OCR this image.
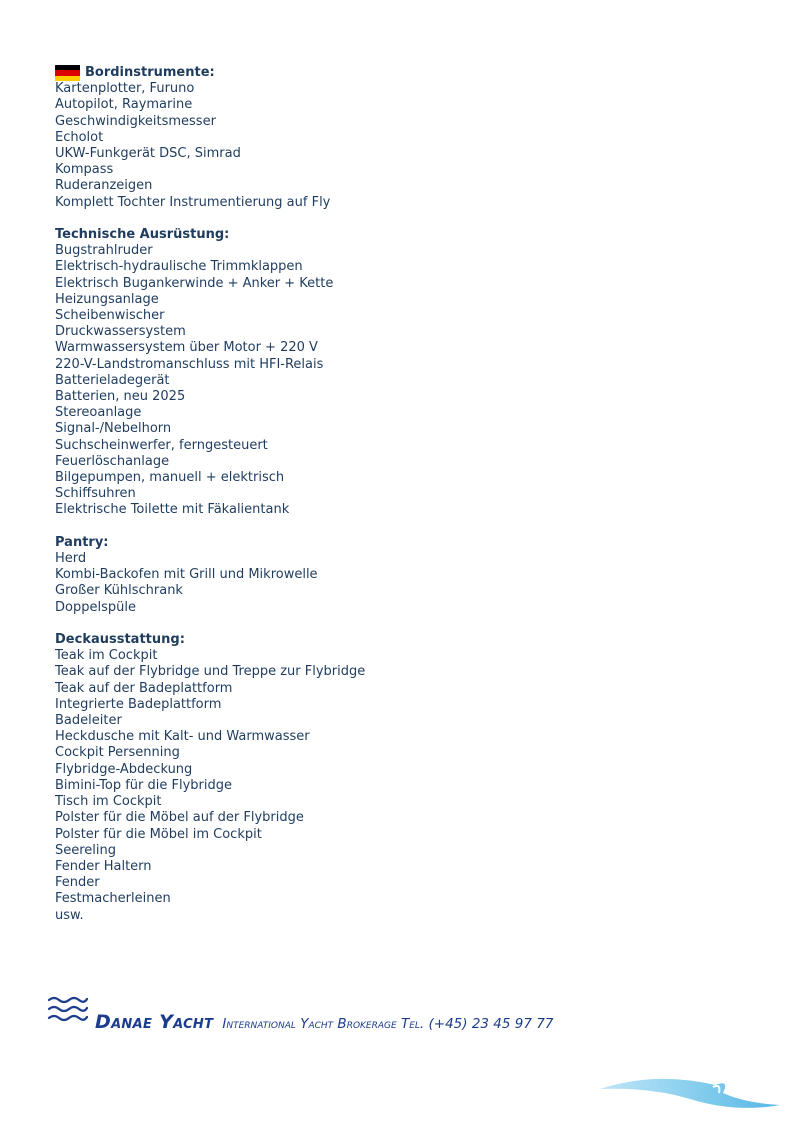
Bordinstrumente:
Kartenplotter, Furuno
Autopilot, Raymarine
Geschwindigkeitsmesser
Echolot
UKW-Funkgerät DSC, Simrad
Kompass
Ruderanzeigen
Komplett Tochter Instrumentierung auf Fly
Technische Ausrüstung:
Bugstrahlruder
Elektrisch-hydraulische Trimmklappen
Elektrisch Bugankerwinde + Anker + Kette
Heizungsanlage
Scheibenwischer
Druckwassersystem
Warmwassersystem über Motor + 220 V
220-V-Landstromanschluss mit HFI-Relais
Batterieladegerät
Batterien, neu 2025
Stereoanlage
Signal-/Nebelhorn
Suchscheinwerfer, ferngesteuert
Feuerlöschanlage
Bilgepumpen, manuell + elektrisch
Schiffsuhren
Elektrische Toilette mit Fäkalientank
Pantry:
Herd
Kombi-Backofen mit Grill und Mikrowelle
Großer Kühlschrank
Doppelspüle
Deckausstattung:
Teak im Cockpit
Teak auf der Flybridge und Treppe zur Flybridge
Teak auf der Badeplattform
Integrierte Badeplattform
Badeleiter
Heckdusche mit Kalt- und Warmwasser
Cockpit Persenning
Flybridge-Abdeckung
Bimini-Top für die Flybridge
Tisch im Cockpit
Polster für die Möbel auf der Flybridge
Polster für die Möbel im Cockpit
Seereling
Fender Haltern
Fender
Festmacherleinen
usw.
Danae Yacht International Yacht Brokerage Tel. (+45) 23 45 97 77
